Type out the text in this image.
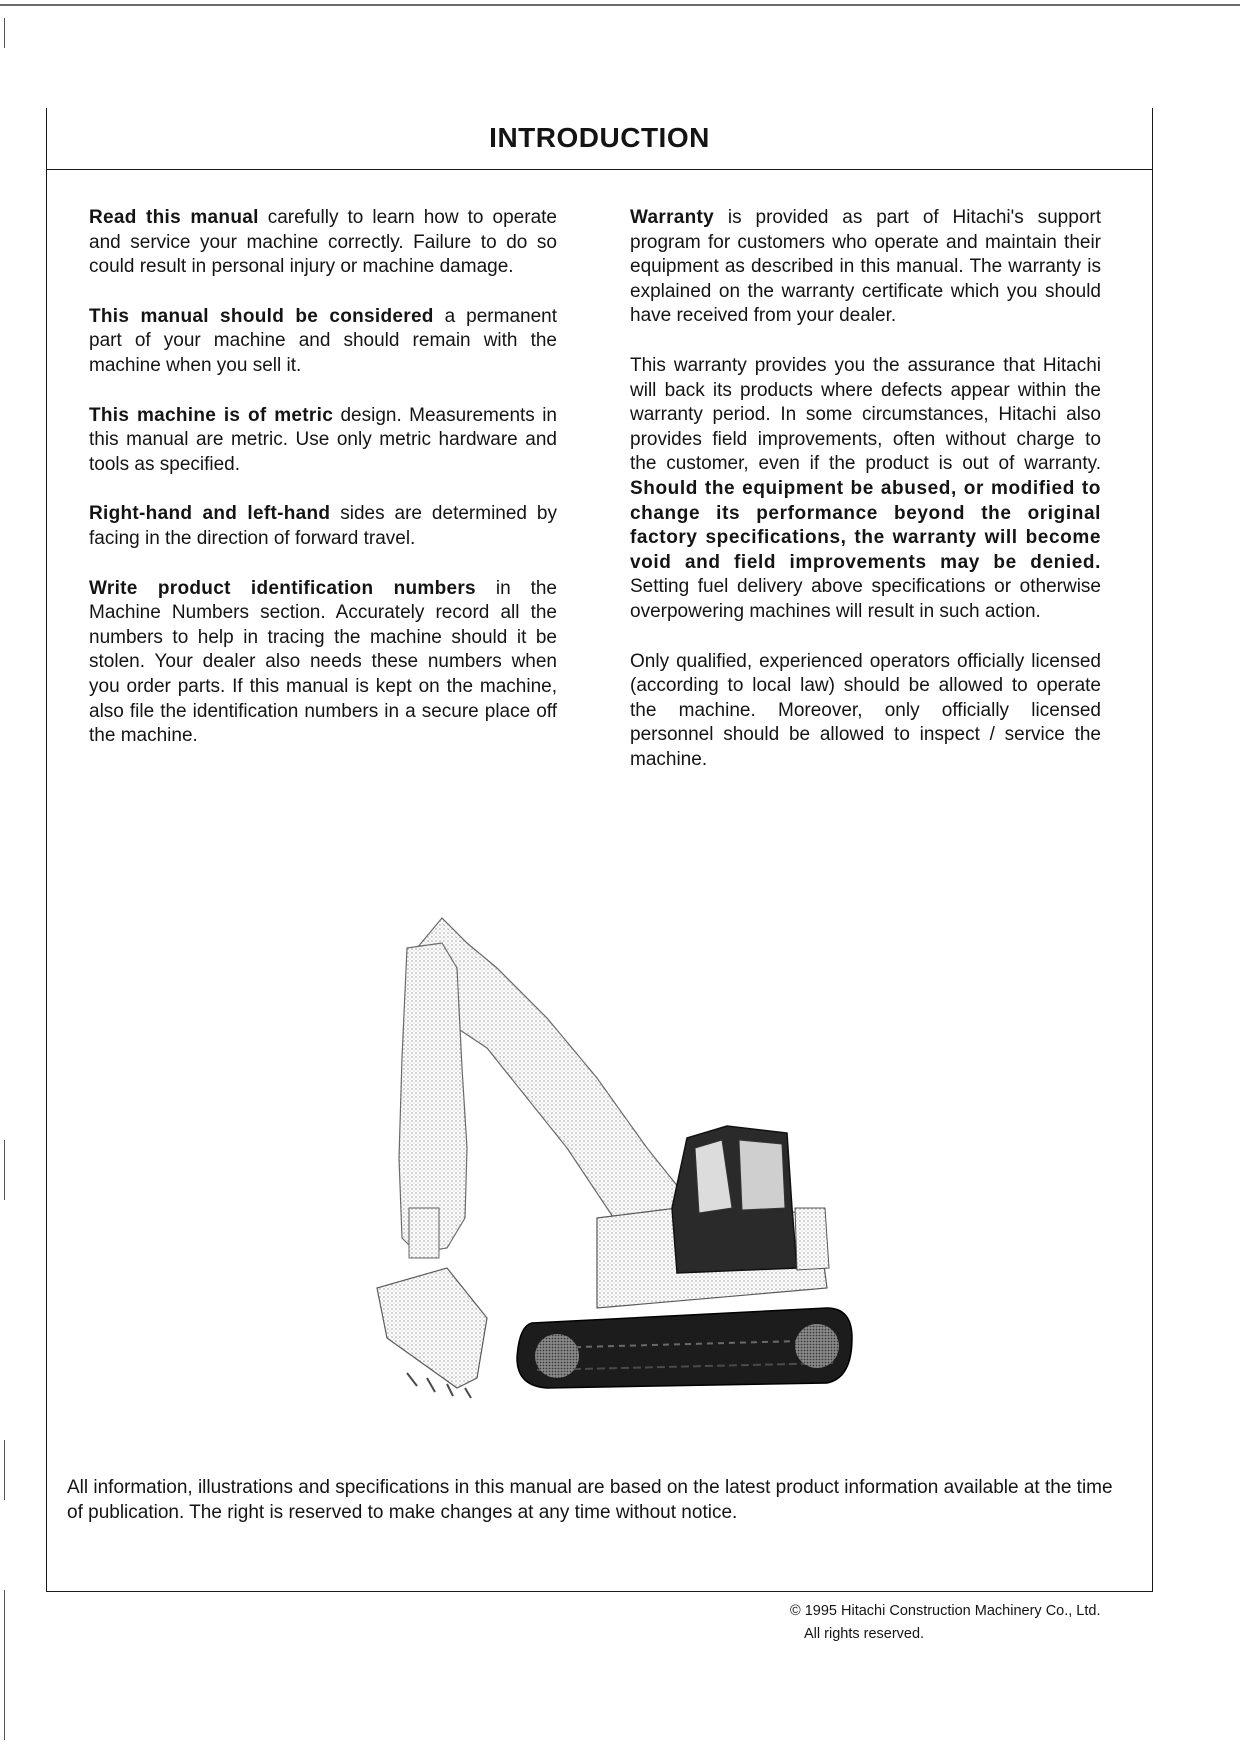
INTRODUCTION

Read this manual carefully to learn how to operate and service your machine correctly. Failure to do so could result in personal injury or machine damage.

This manual should be considered a permanent part of your machine and should remain with the machine when you sell it.

This machine is of metric design. Measurements in this manual are metric. Use only metric hardware and tools as specified.

Right-hand and left-hand sides are determined by facing in the direction of forward travel.

Write product identification numbers in the Machine Numbers section. Accurately record all the numbers to help in tracing the machine should it be stolen. Your dealer also needs these numbers when you order parts. If this manual is kept on the machine, also file the identification numbers in a secure place off the machine.

Warranty is provided as part of Hitachi's support program for customers who operate and maintain their equipment as described in this manual. The warranty is explained on the warranty certificate which you should have received from your dealer.

This warranty provides you the assurance that Hitachi will back its products where defects appear within the warranty period. In some circumstances, Hitachi also provides field improvements, often without charge to the customer, even if the product is out of warranty. Should the equipment be abused, or modified to change its performance beyond the original factory specifications, the warranty will become void and field improvements may be denied. Setting fuel delivery above specifications or otherwise overpowering machines will result in such action.

Only qualified, experienced operators officially licensed (according to local law) should be allowed to operate the machine. Moreover, only officially licensed personnel should be allowed to inspect / service the machine.

All information, illustrations and specifications in this manual are based on the latest product information available at the time of publication. The right is reserved to make changes at any time without notice.
© 1995 Hitachi Construction Machinery Co., Ltd.
All rights reserved.
